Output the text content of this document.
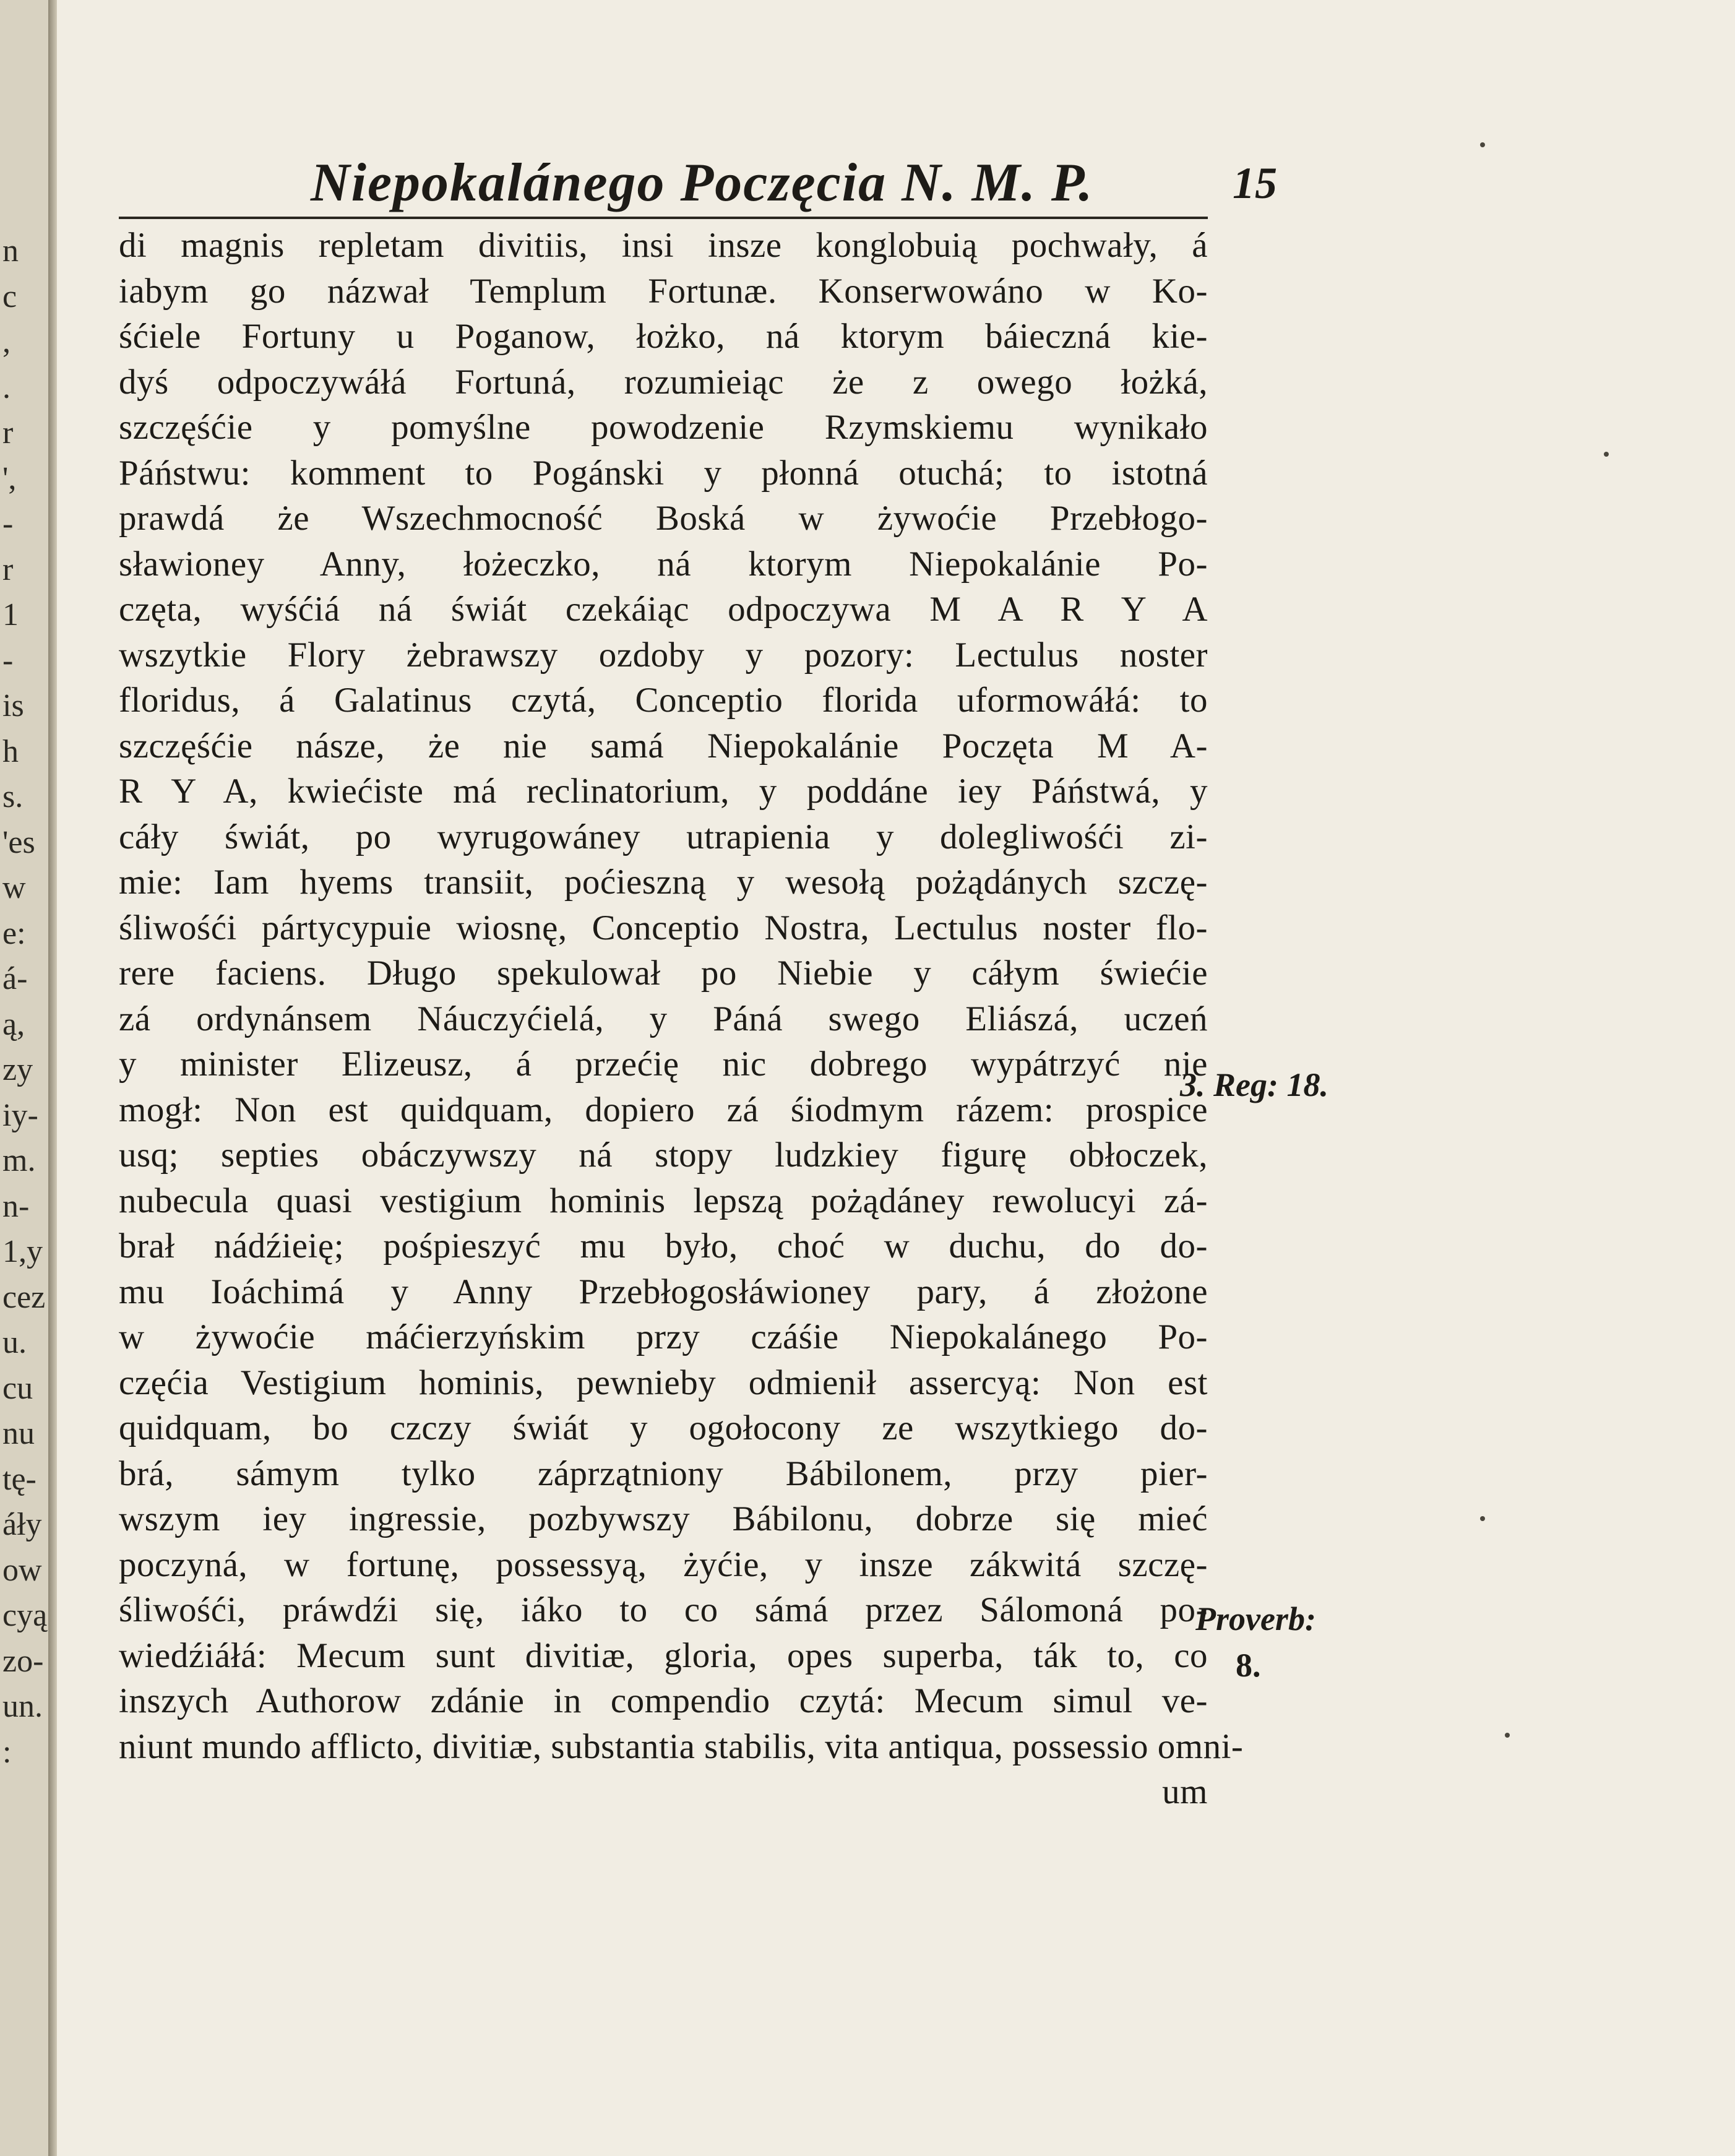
n
c
,
.
r
',
-
r
1
-
is
h
s.
'es
w
e:
á-
ą,
zy
iy-
m.
n-
1,y
cez
u.
cu
nu
tę-
áły
ow
cyą
zo-
un.
:
Niepokalánego Poczęcia N. M. P.	15
di magnis repletam divitiis, insi insze konglobuią pochwały, á
iabym go názwał Templum Fortunæ. Konserwowáno w Ko-
śćiele Fortuny u Poganow, łożko, ná ktorym báieczná kie-
dyś odpoczywáłá Fortuná, rozumieiąc że z owego łożká,
szczęśćie y pomyślne powodzenie Rzymskiemu wynikało
Páństwu: komment to Pogánski y płonná otuchá; to istotná
prawdá że Wszechmocność Boská w żywoćie Przebłogo-
sławioney Anny, łożeczko, ná ktorym Niepokalánie Po-
częta, wyśćiá ná świát czekáiąc odpoczywa M A R Y A
wszytkie Flory żebrawszy ozdoby y pozory: Lectulus noster
floridus, á Galatinus czytá, Conceptio florida uformowáłá: to
szczęśćie násze, że nie samá Niepokalánie Poczęta M A-
R Y A, kwiećiste má reclinatorium, y poddáne iey Páństwá, y
cáły świát, po wyrugowáney utrapienia y dolegliwośći zi-
mie: Iam hyems transiit, poćieszną y wesołą pożądánych szczę-
śliwośći pártycypuie wiosnę, Conceptio Nostra, Lectulus noster flo-
rere faciens. Długo spekulował po Niebie y cáłym świećie
zá ordynánsem Náuczyćielá, y Páná swego Eliászá, uczeń
y minister Elizeusz, á przećię nic dobrego wypátrzyć nie
mogł: Non est quidquam, dopiero zá śiodmym rázem: prospice
usq; septies obáczywszy ná stopy ludzkiey figurę obłoczek,
nubecula quasi vestigium hominis lepszą pożądáney rewolucyi zá-
brał nádźieię; pośpieszyć mu było, choć w duchu, do do-
mu Ioáchimá y Anny Przebłogosłáwioney pary, á złożone
w żywoćie máćierzyńskim przy czáśie Niepokalánego Po-
częćia Vestigium hominis, pewnieby odmienił assercyą: Non est
quidquam, bo czczy świát y ogołocony ze wszytkiego do-
brá, sámym tylko záprzątniony Bábilonem, przy pier-
wszym iey ingressie, pozbywszy Bábilonu, dobrze się mieć
poczyná, w fortunę, possessyą, żyćie, y insze zákwitá szczę-
śliwośći, práwdźi się, iáko to co sámá przez Sálomoná po-
wiedźiáłá: Mecum sunt divitiæ, gloria, opes superba, ták to, co
inszych Authorow zdánie in compendio czytá: Mecum simul ve-
niunt mundo afflicto, divitiæ, substantia stabilis, vita antiqua, possessio omni-
um
3. Reg: 18.
Proverb:
8.
